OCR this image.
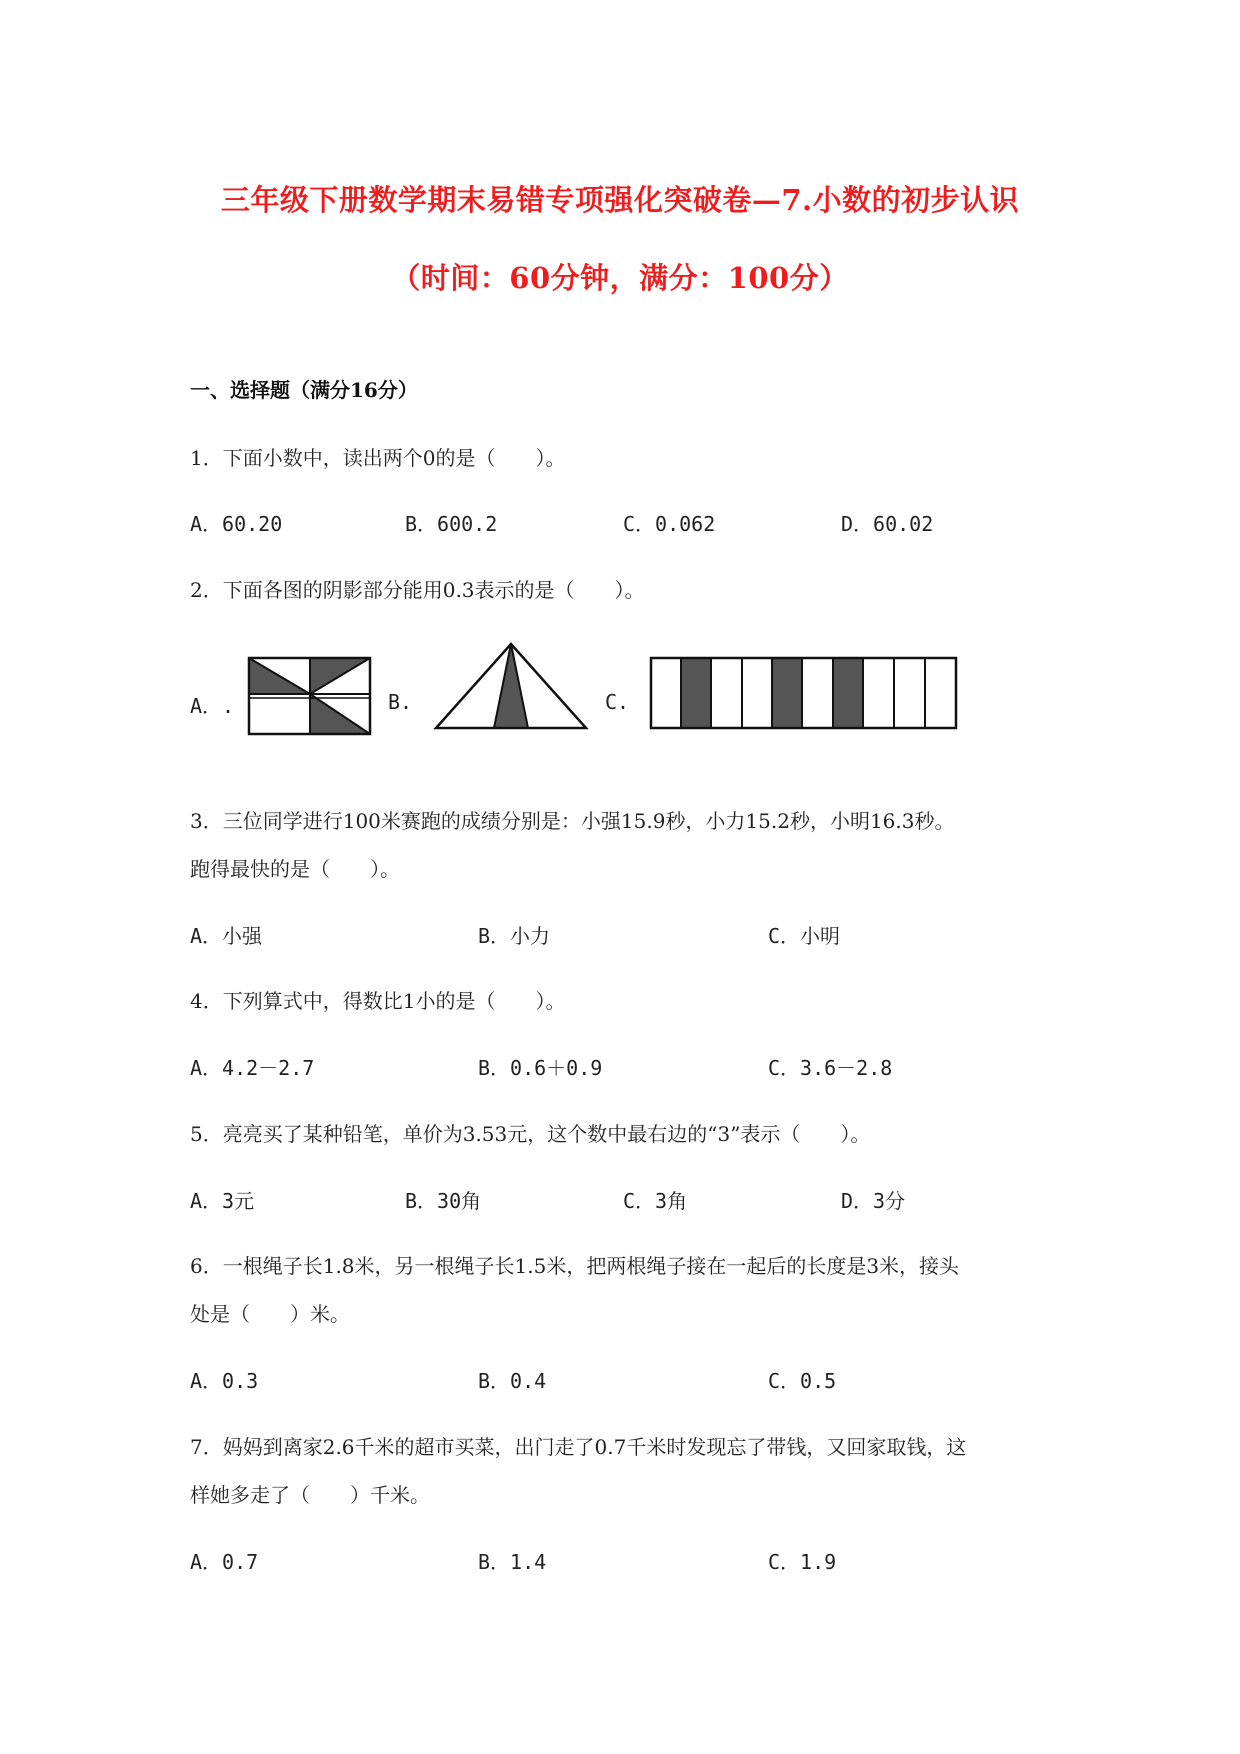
三年级下册数学期末易错专项强化突破卷—7.小数的初步认识
（时间：60分钟，满分：100分）
一、选择题（满分16分）
1．下面小数中，读出两个0的是（　　）。
A．60.20	B．600.2	C．0.062	D．60.02
2．下面各图的阴影部分能用0.3表示的是（　　）。
A．.	B.	C.
3．三位同学进行100米赛跑的成绩分别是：小强15.9秒，小力15.2秒，小明16.3秒。
跑得最快的是（　　）。
A．小强	B．小力	C．小明
4．下列算式中，得数比1小的是（　　）。
A．4.2－2.7	B．0.6＋0.9	C．3.6－2.8
5．亮亮买了某种铅笔，单价为3.53元，这个数中最右边的“3”表示（　　）。
A．3元	B．30角	C．3角	D．3分
6．一根绳子长1.8米，另一根绳子长1.5米，把两根绳子接在一起后的长度是3米，接头
处是（　　）米。
A．0.3	B．0.4	C．0.5
7．妈妈到离家2.6千米的超市买菜，出门走了0.7千米时发现忘了带钱，又回家取钱，这
样她多走了（　　）千米。
A．0.7	B．1.4	C．1.9
